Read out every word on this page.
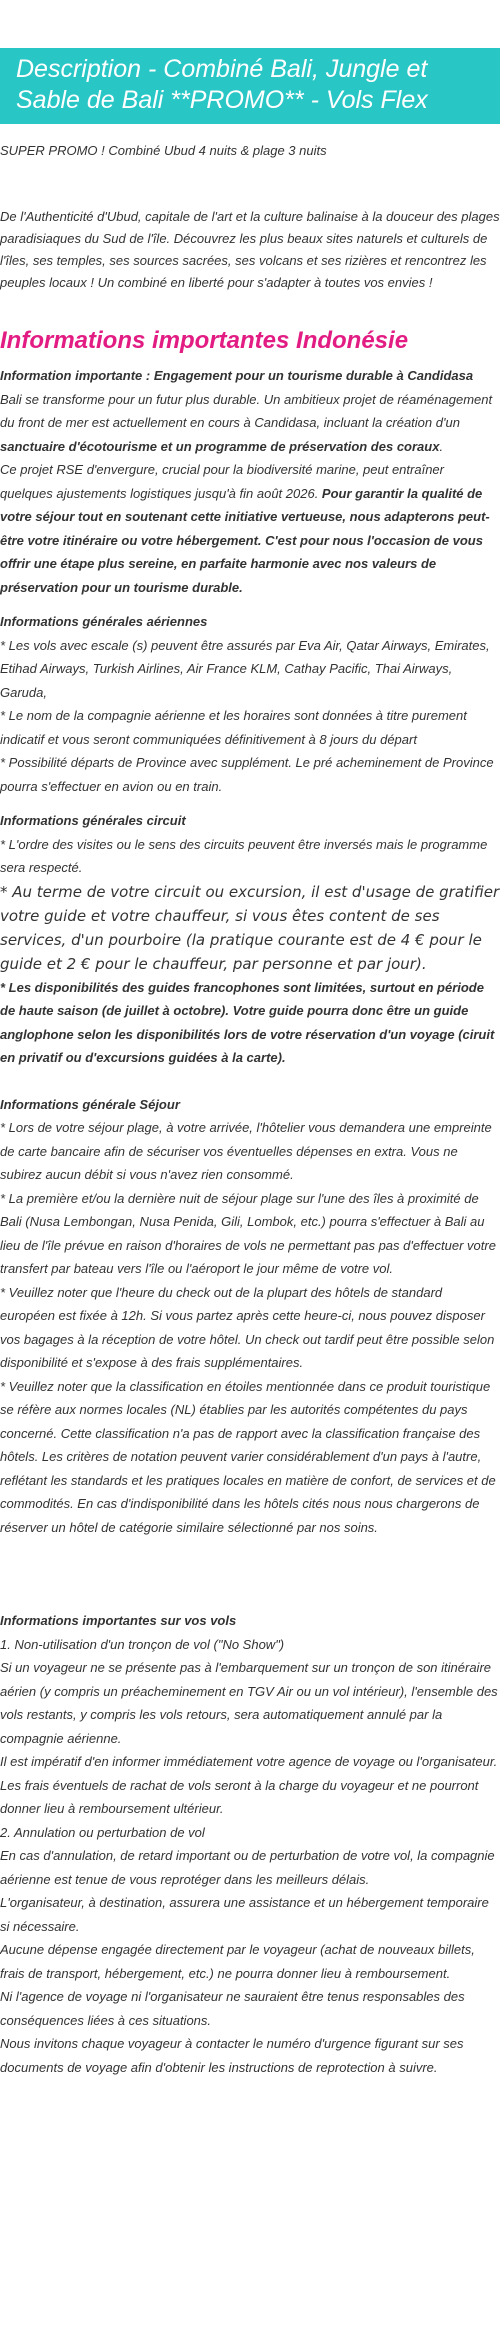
Description - Combiné Bali, Jungle et Sable de Bali **PROMO** - Vols Flex

SUPER PROMO ! Combiné Ubud 4 nuits & plage 3 nuits

De l'Authenticité d'Ubud, capitale de l'art et la culture balinaise à la douceur des plages paradisiaques du Sud de l'île. Découvrez les plus beaux sites naturels et culturels de l'îles, ses temples, ses sources sacrées, ses volcans et ses rizières et rencontrez les peuples locaux ! Un combiné en liberté pour s'adapter à toutes vos envies !

Informations importantes Indonésie

Information importante : Engagement pour un tourisme durable à Candidasa

Bali se transforme pour un futur plus durable. Un ambitieux projet de réaménagement du front de mer est actuellement en cours à Candidasa, incluant la création d'un sanctuaire d'écotourisme et un programme de préservation des coraux.

Ce projet RSE d'envergure, crucial pour la biodiversité marine, peut entraîner quelques ajustements logistiques jusqu'à fin août 2026. Pour garantir la qualité de votre séjour tout en soutenant cette initiative vertueuse, nous adapterons peut-être votre itinéraire ou votre hébergement. C'est pour nous l'occasion de vous offrir une étape plus sereine, en parfaite harmonie avec nos valeurs de préservation pour un tourisme durable.

Informations générales aériennes

* Les vols avec escale (s) peuvent être assurés par Eva Air, Qatar Airways, Emirates, Etihad Airways, Turkish Airlines, Air France KLM, Cathay Pacific, Thai Airways, Garuda,

* Le nom de la compagnie aérienne et les horaires sont données à titre purement indicatif et vous seront communiquées définitivement à 8 jours du départ

* Possibilité départs de Province avec supplément. Le pré acheminement de Province pourra s'effectuer en avion ou en train.

Informations générales circuit

* L'ordre des visites ou le sens des circuits peuvent être inversés mais le programme sera respecté.

* Au terme de votre circuit ou excursion, il est d'usage de gratifier votre guide et votre chauffeur, si vous êtes content de ses services, d'un pourboire (la pratique courante est de 4 € pour le guide et 2 € pour le chauffeur, par personne et par jour).

* Les disponibilités des guides francophones sont limitées, surtout en période de haute saison (de juillet à octobre). Votre guide pourra donc être un guide anglophone selon les disponibilités lors de votre réservation d'un voyage (ciruit en privatif ou d'excursions guidées à la carte).

Informations générale Séjour

* Lors de votre séjour plage, à votre arrivée, l'hôtelier vous demandera une empreinte de carte bancaire afin de sécuriser vos éventuelles dépenses en extra. Vous ne subirez aucun débit si vous n'avez rien consommé.

* La première et/ou la dernière nuit de séjour plage sur l'une des îles à proximité de Bali (Nusa Lembongan, Nusa Penida, Gili, Lombok, etc.) pourra s'effectuer à Bali au lieu de l'île prévue en raison d'horaires de vols ne permettant pas pas d'effectuer votre transfert par bateau vers l'île ou l'aéroport le jour même de votre vol.

* Veuillez noter que l'heure du check out de la plupart des hôtels de standard européen est fixée à 12h. Si vous partez après cette heure-ci, nous pouvez disposer vos bagages à la réception de votre hôtel. Un check out tardif peut être possible selon disponibilité et s'expose à des frais supplémentaires.

* Veuillez noter que la classification en étoiles mentionnée dans ce produit touristique se réfère aux normes locales (NL) établies par les autorités compétentes du pays concerné. Cette classification n'a pas de rapport avec la classification française des hôtels. Les critères de notation peuvent varier considérablement d'un pays à l'autre, reflétant les standards et les pratiques locales en matière de confort, de services et de commodités. En cas d'indisponibilité dans les hôtels cités nous nous chargerons de réserver un hôtel de catégorie similaire sélectionné par nos soins.

Informations importantes sur vos vols

1. Non-utilisation d'un tronçon de vol ("No Show")

Si un voyageur ne se présente pas à l'embarquement sur un tronçon de son itinéraire aérien (y compris un préacheminement en TGV Air ou un vol intérieur), l'ensemble des vols restants, y compris les vols retours, sera automatiquement annulé par la compagnie aérienne.

Il est impératif d'en informer immédiatement votre agence de voyage ou l'organisateur.

Les frais éventuels de rachat de vols seront à la charge du voyageur et ne pourront donner lieu à remboursement ultérieur.

2. Annulation ou perturbation de vol

En cas d'annulation, de retard important ou de perturbation de votre vol, la compagnie aérienne est tenue de vous reprotéger dans les meilleurs délais.

L'organisateur, à destination, assurera une assistance et un hébergement temporaire si nécessaire.

Aucune dépense engagée directement par le voyageur (achat de nouveaux billets, frais de transport, hébergement, etc.) ne pourra donner lieu à remboursement.

Ni l'agence de voyage ni l'organisateur ne sauraient être tenus responsables des conséquences liées à ces situations.

Nous invitons chaque voyageur à contacter le numéro d'urgence figurant sur ses documents de voyage afin d'obtenir les instructions de reprotection à suivre.
